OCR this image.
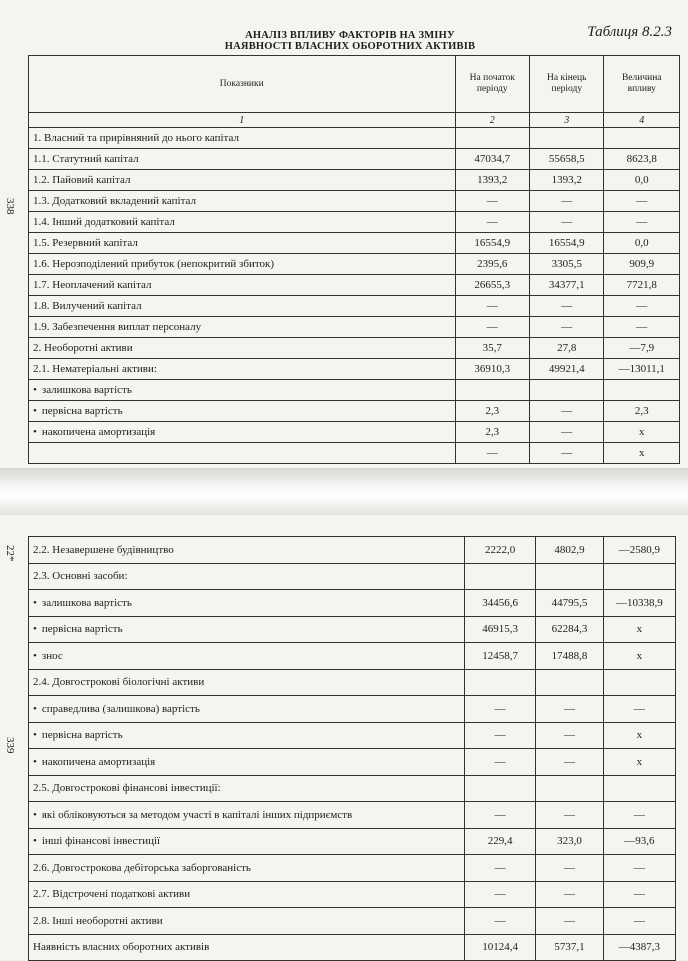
Таблиця 8.2.3
АНАЛІЗ ВПЛИВУ ФАКТОРІВ НА ЗМІНУ
НАЯВНОСТІ ВЛАСНИХ ОБОРОТНИХ АКТИВІВ
338
Показники	На початок періоду	На кінець періоду	Величина впливу
1	2	3	4
1. Власний та прирівняний до нього капітал			
1.1. Статутний капітал	47034,7	55658,5	8623,8
1.2. Пайовий капітал	1393,2	1393,2	0,0
1.3. Додатковий вкладений капітал	—	—	—
1.4. Інший додатковий капітал	—	—	—
1.5. Резервний капітал	16554,9	16554,9	0,0
1.6. Нерозподілений прибуток (непокритий збиток)	2395,6	3305,5	909,9
1.7. Неоплачений капітал	26655,3	34377,1	7721,8
1.8. Вилучений капітал	—	—	—
1.9. Забезпечення виплат персоналу	—	—	—
2. Необоротні активи	35,7	27,8	—7,9
2.1. Нематеріальні активи:	36910,3	49921,4	—13011,1
• залишкова вартість			
• первісна вартість	2,3	—	2,3
• накопичена амортизація	2,3	—	х
	—	—	х
22*
339
2.2. Незавершене будівництво	2222,0	4802,9	—2580,9
2.3. Основні засоби:			
• залишкова вартість	34456,6	44795,5	—10338,9
• первісна вартість	46915,3	62284,3	х
• знос	12458,7	17488,8	х
2.4. Довгострокові біологічні активи			
• справедлива (залишкова) вартість	—	—	—
• первісна вартість	—	—	х
• накопичена амортизація	—	—	х
2.5. Довгострокові фінансові інвестиції:			
• які обліковуються за методом участі в капіталі інших підприємств	—	—	—
• інші фінансові інвестиції	229,4	323,0	—93,6
2.6. Довгострокова дебіторська заборгованість	—	—	—
2.7. Відстрочені податкові активи	—	—	—
2.8. Інші необоротні активи	—	—	—
Наявність власних оборотних активів	10124,4	5737,1	—4387,3
